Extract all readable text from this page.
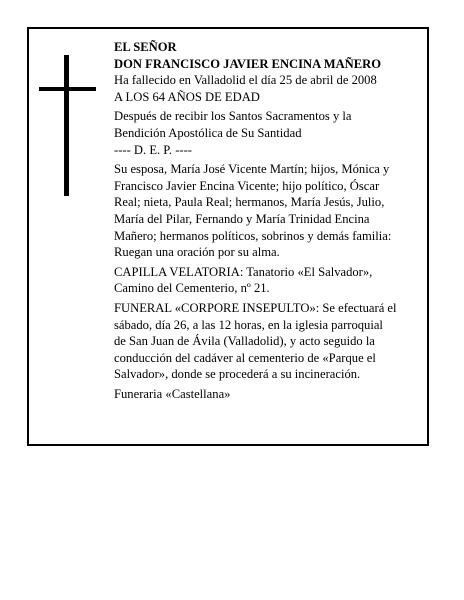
EL SEÑOR

DON FRANCISCO JAVIER ENCINA MAÑERO

Ha fallecido en Valladolid el día 25 de abril de 2008

A LOS 64 AÑOS DE EDAD

Después de recibir los Santos Sacramentos y la

Bendición Apostólica de Su Santidad

---- D. E. P. ----

Su esposa, María José Vicente Martín; hijos, Mónica y

Francisco Javier Encina Vicente; hijo político, Óscar

Real; nieta, Paula Real; hermanos, María Jesús, Julio,

María del Pilar, Fernando y María Trinidad Encina

Mañero; hermanos políticos, sobrinos y demás familia:

Ruegan una oración por su alma.

CAPILLA VELATORIA: Tanatorio «El Salvador»,

Camino del Cementerio, nº 21.

FUNERAL «CORPORE INSEPULTO»: Se efectuará el

sábado, día 26, a las 12 horas, en la iglesia parroquial

de San Juan de Ávila (Valladolid), y acto seguido la

conducción del cadáver al cementerio de «Parque el

Salvador», donde se procederá a su incineración.

Funeraria «Castellana»
